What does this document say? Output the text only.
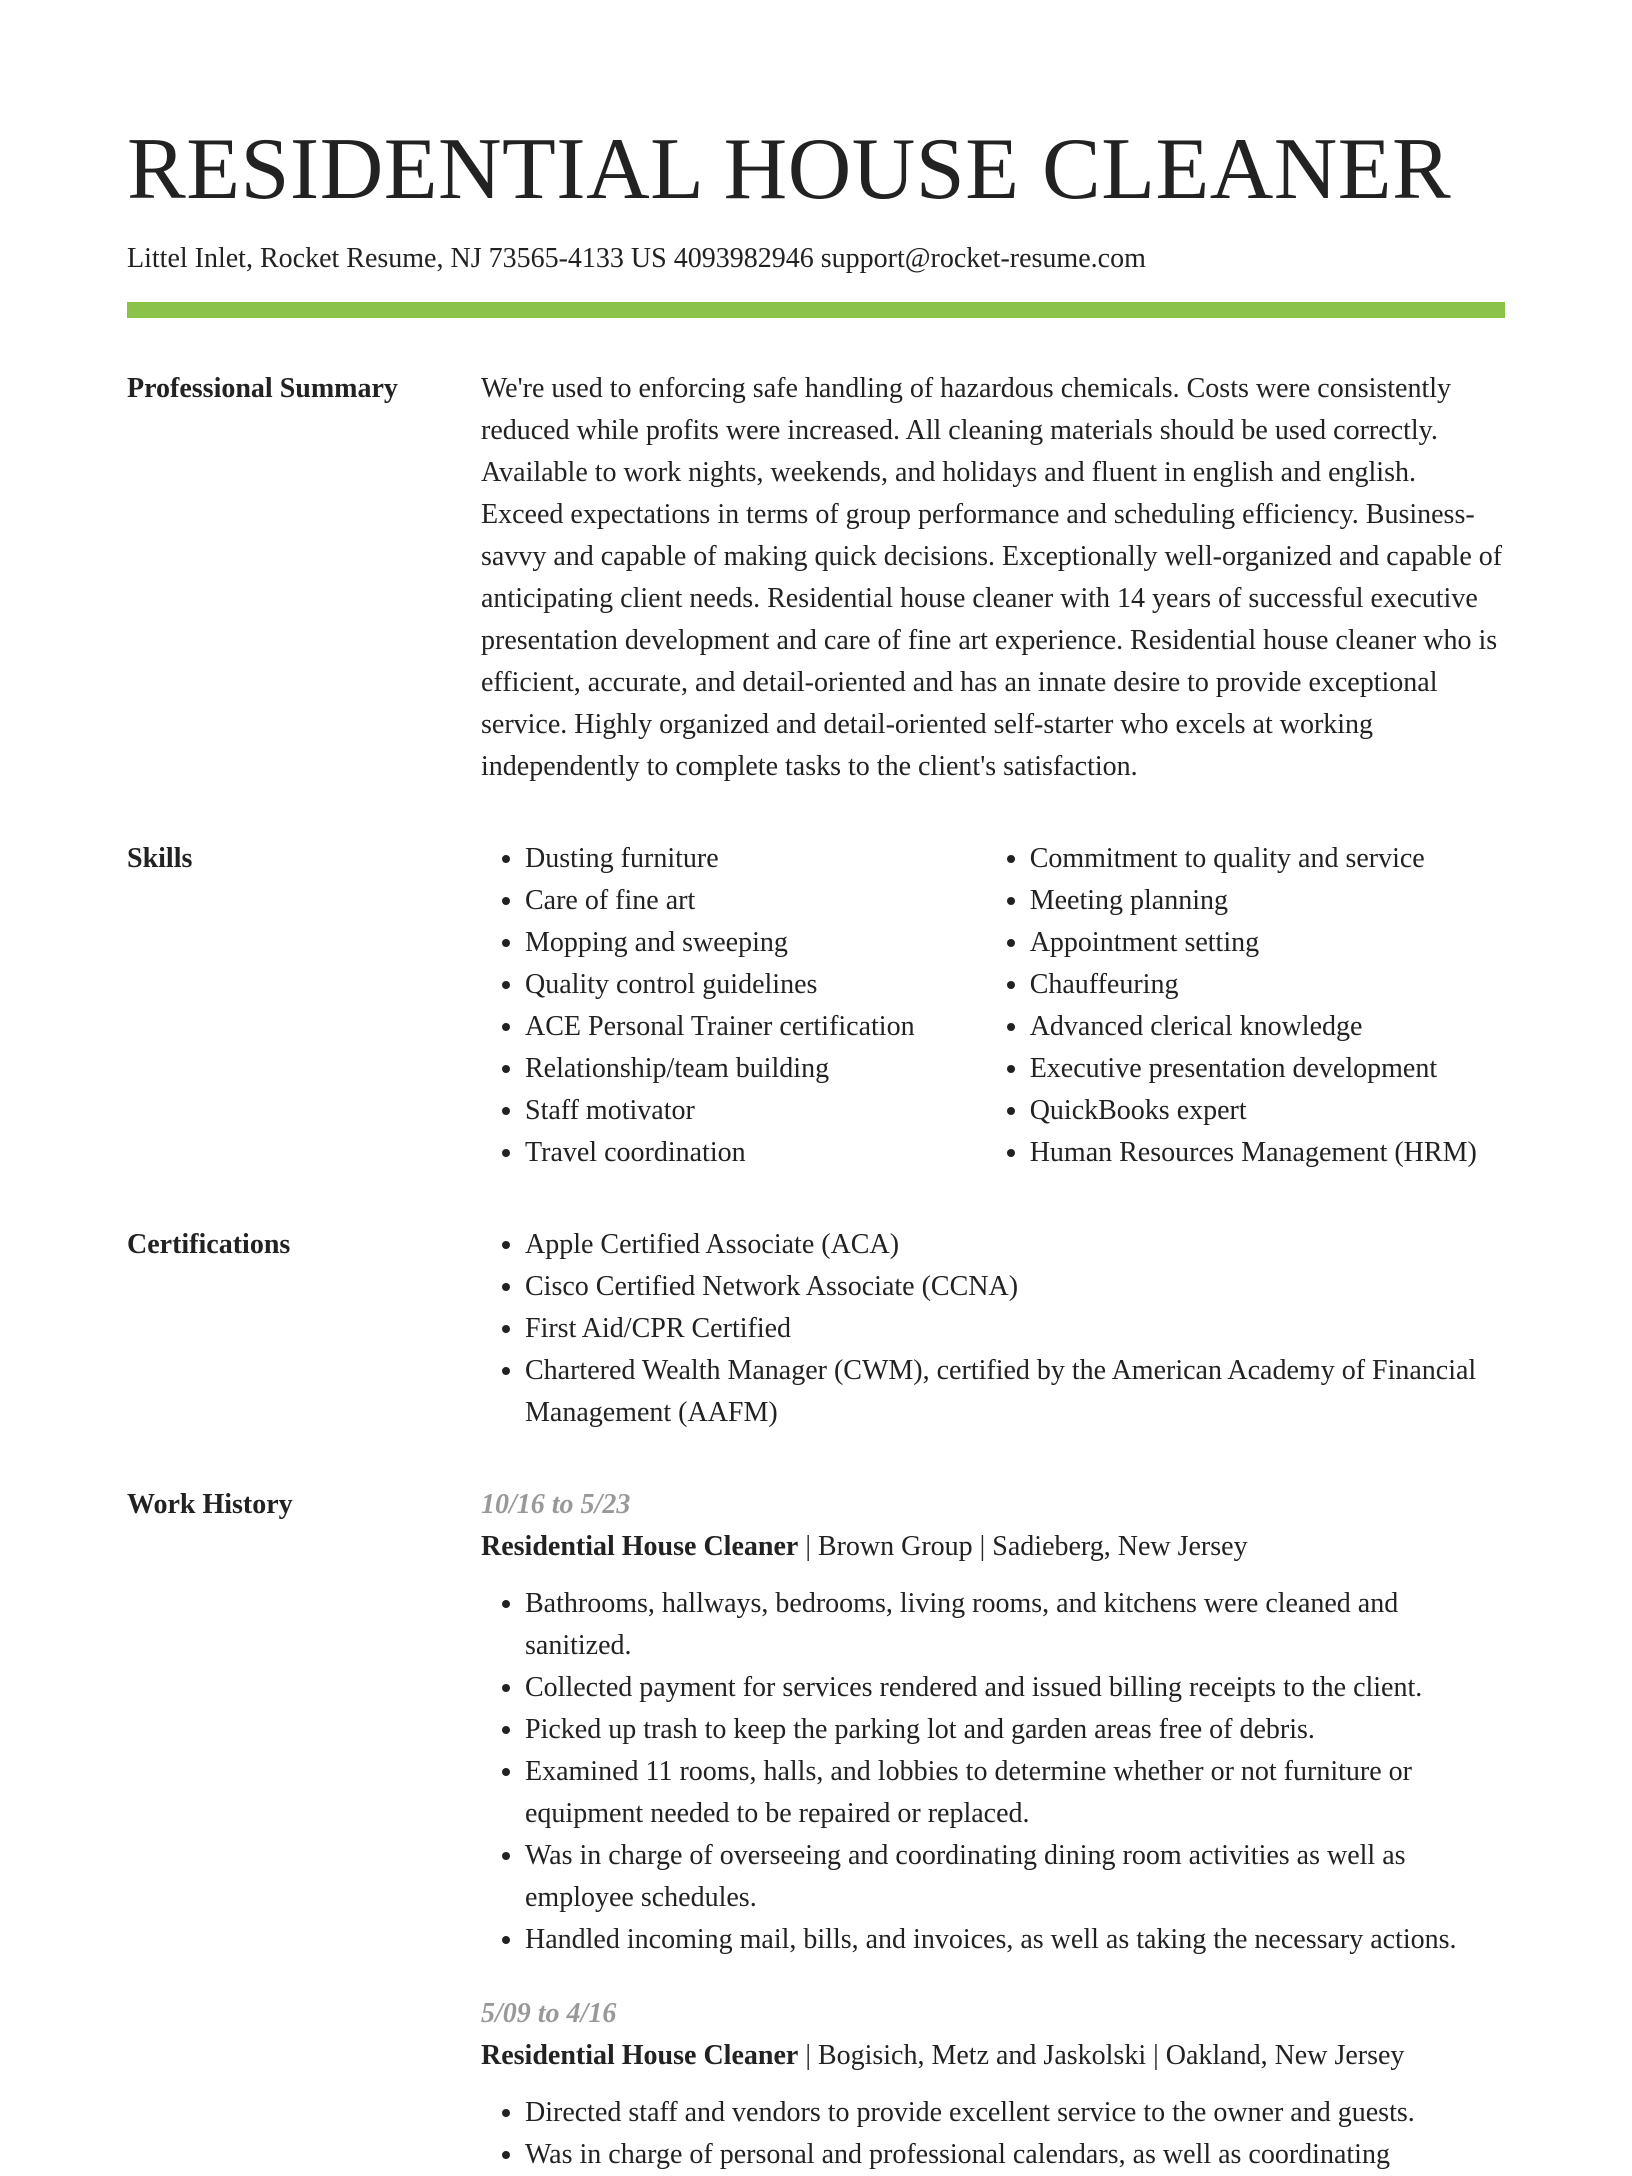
RESIDENTIAL HOUSE CLEANER
Littel Inlet, Rocket Resume, NJ 73565-4133 US 4093982946 support@rocket-resume.com
Professional Summary	We're used to enforcing safe handling of hazardous chemicals. Costs were consistently reduced while profits were increased. All cleaning materials should be used correctly. Available to work nights, weekends, and holidays and fluent in english and english. Exceed expectations in terms of group performance and scheduling efficiency. Business-savvy and capable of making quick decisions. Exceptionally well-organized and capable of anticipating client needs. Residential house cleaner with 14 years of successful executive presentation development and care of fine art experience. Residential house cleaner who is efficient, accurate, and detail-oriented and has an innate desire to provide exceptional service. Highly organized and detail-oriented self-starter who excels at working independently to complete tasks to the client's satisfaction.

Skills	• Dusting furniture
• Care of fine art
• Mopping and sweeping
• Quality control guidelines
• ACE Personal Trainer certification
• Relationship/team building
• Staff motivator
• Travel coordination
• Commitment to quality and service
• Meeting planning
• Appointment setting
• Chauffeuring
• Advanced clerical knowledge
• Executive presentation development
• QuickBooks expert
• Human Resources Management (HRM)
Certifications	• Apple Certified Associate (ACA)
• Cisco Certified Network Associate (CCNA)
• First Aid/CPR Certified
• Chartered Wealth Manager (CWM), certified by the American Academy of Financial Management (AAFM)
Work History	10/16 to 5/23
Residential House Cleaner | Brown Group | Sadieberg, New Jersey
• Bathrooms, hallways, bedrooms, living rooms, and kitchens were cleaned and sanitized.
• Collected payment for services rendered and issued billing receipts to the client.
• Picked up trash to keep the parking lot and garden areas free of debris.
• Examined 11 rooms, halls, and lobbies to determine whether or not furniture or equipment needed to be repaired or replaced.
• Was in charge of overseeing and coordinating dining room activities as well as employee schedules.
• Handled incoming mail, bills, and invoices, as well as taking the necessary actions.
5/09 to 4/16
Residential House Cleaner | Bogisich, Metz and Jaskolski | Oakland, New Jersey
• Directed staff and vendors to provide excellent service to the owner and guests.
• Was in charge of personal and professional calendars, as well as coordinating
